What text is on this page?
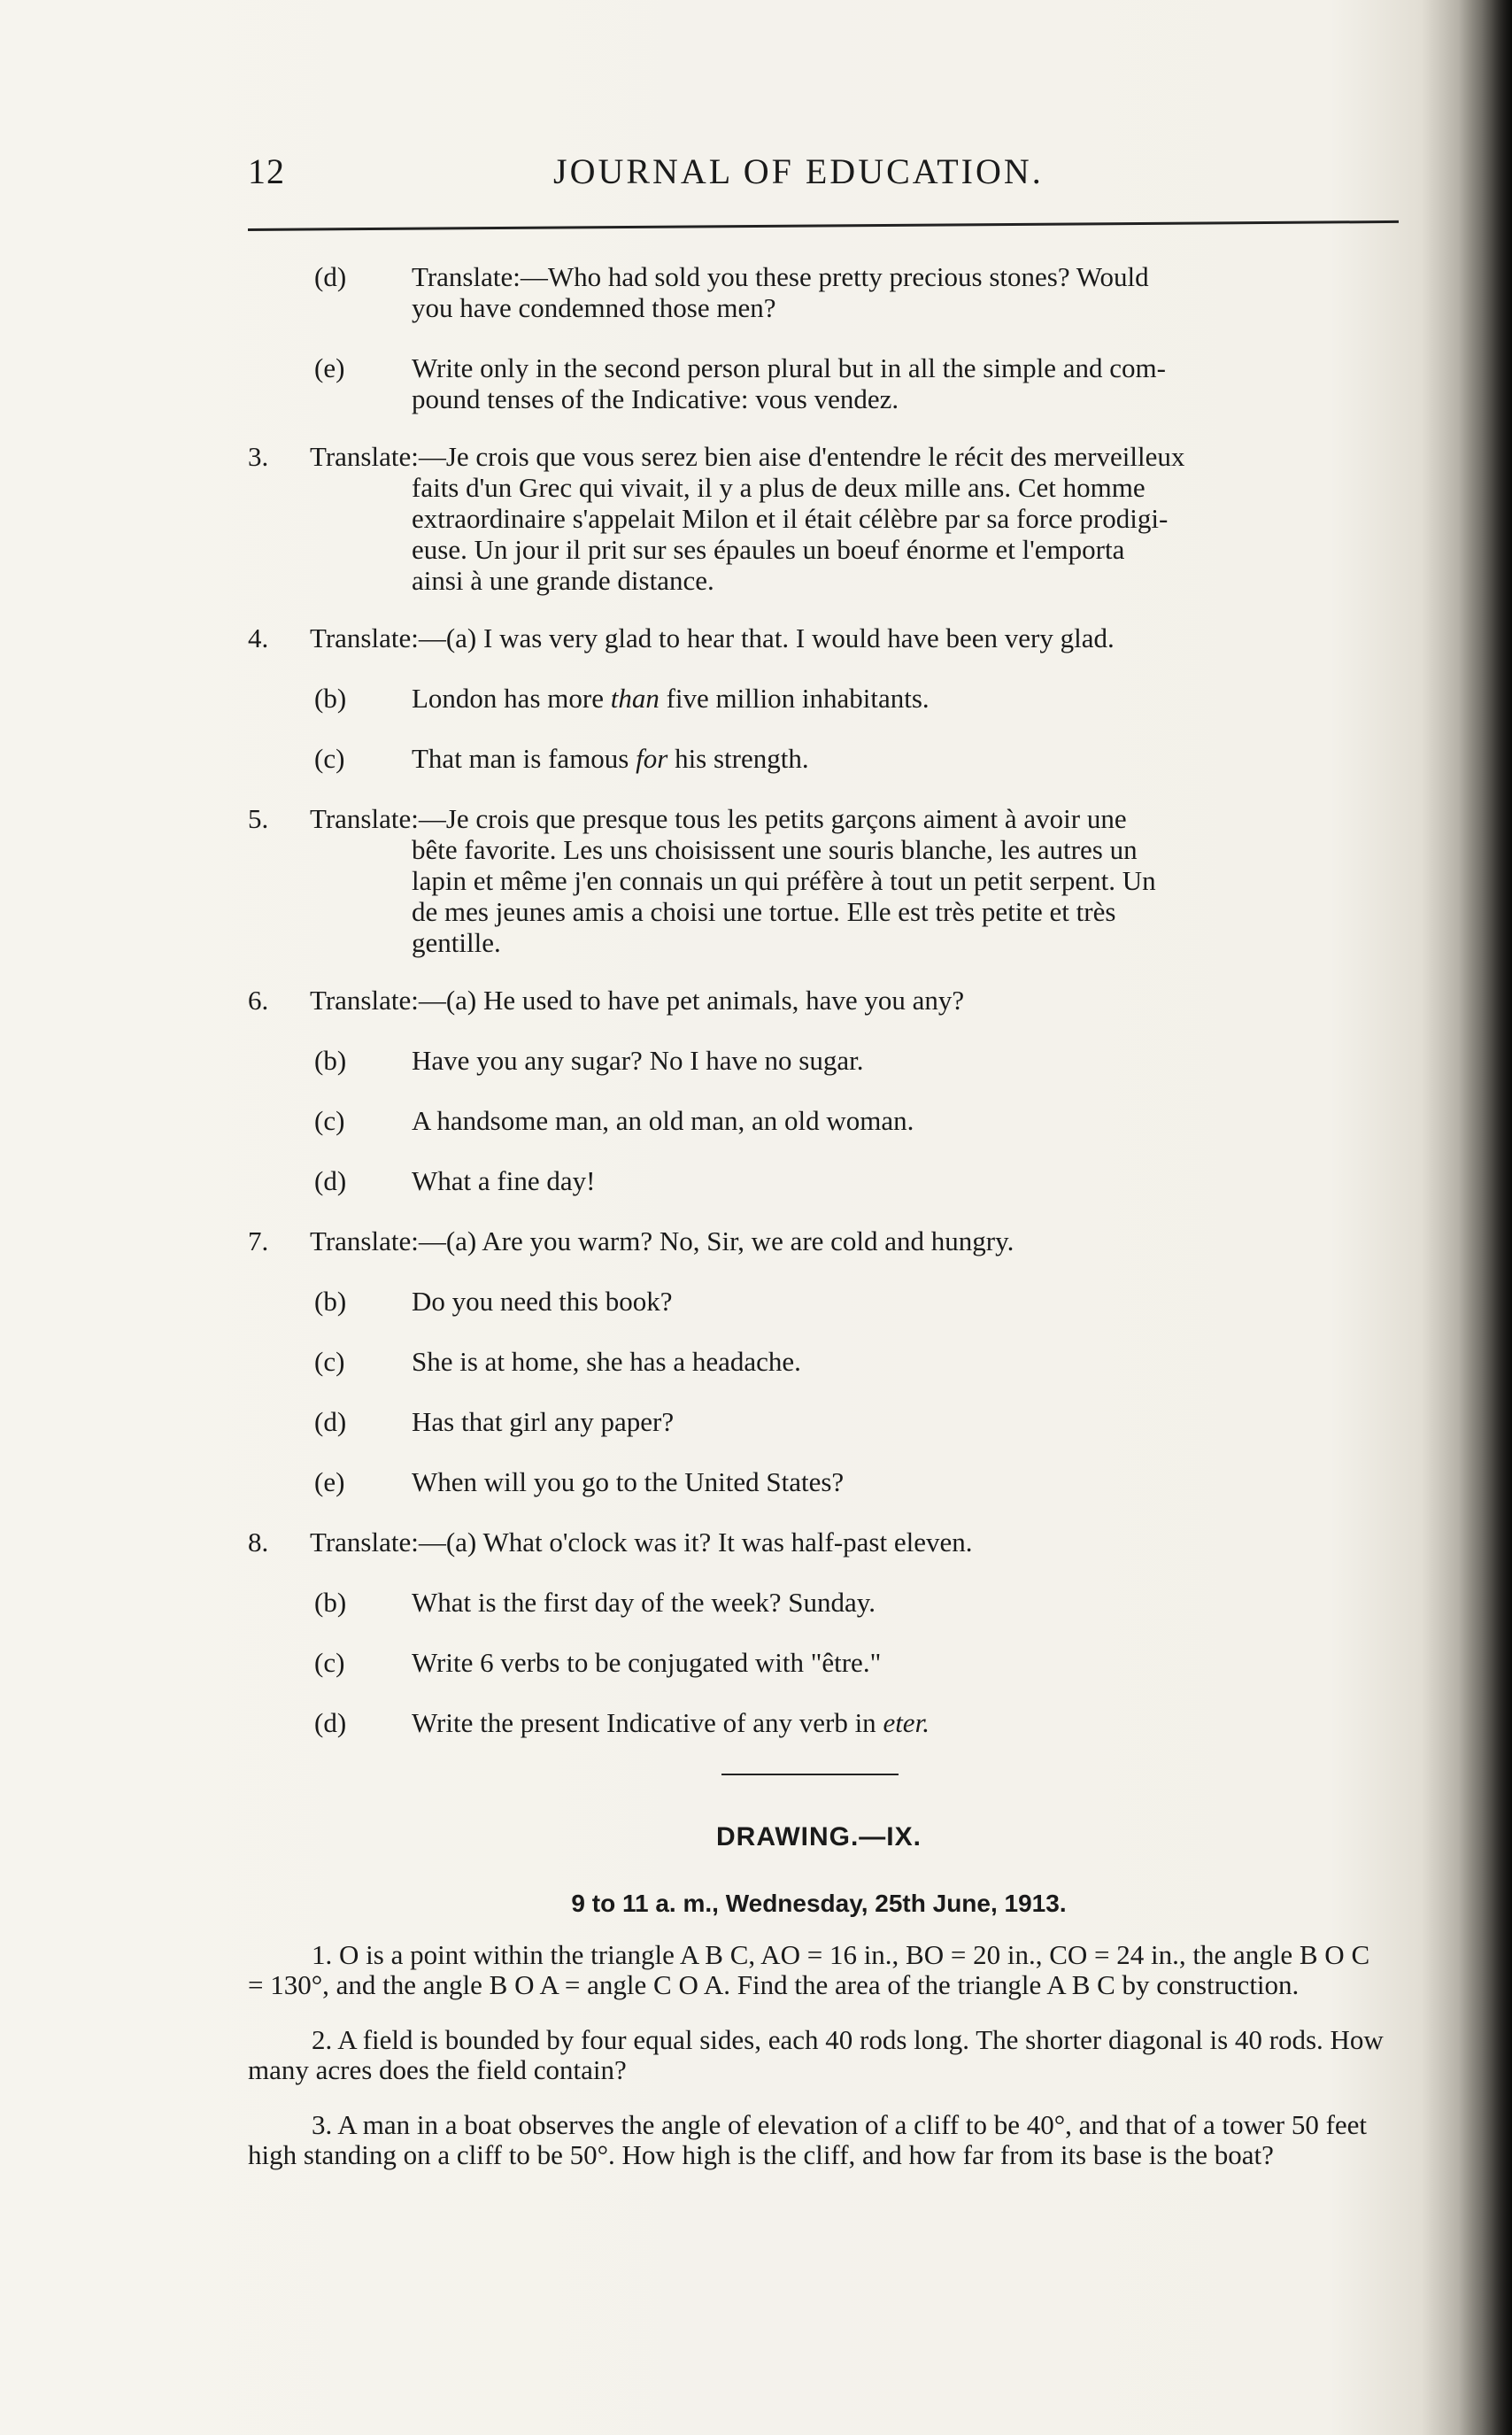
12	JOURNAL OF EDUCATION.
(d) Translate:—Who had sold you these pretty precious stones? Would
you have condemned those men?
(e) Write only in the second person plural but in all the simple and com-
pound tenses of the Indicative: vous vendez.
3. Translate:—Je crois que vous serez bien aise d'entendre le récit des merveilleux
faits d'un Grec qui vivait, il y a plus de deux mille ans. Cet homme
extraordinaire s'appelait Milon et il était célèbre par sa force prodigi-
euse. Un jour il prit sur ses épaules un boeuf énorme et l'emporta
ainsi à une grande distance.
4. Translate:—(a) I was very glad to hear that. I would have been very glad.
(b) London has more than five million inhabitants.
(c) That man is famous for his strength.
5. Translate:—Je crois que presque tous les petits garçons aiment à avoir une
bête favorite. Les uns choisissent une souris blanche, les autres un
lapin et même j'en connais un qui préfère à tout un petit serpent. Un
de mes jeunes amis a choisi une tortue. Elle est très petite et très
gentille.
6. Translate:—(a) He used to have pet animals, have you any?
(b) Have you any sugar? No I have no sugar.
(c) A handsome man, an old man, an old woman.
(d) What a fine day!
7. Translate:—(a) Are you warm? No, Sir, we are cold and hungry.
(b) Do you need this book?
(c) She is at home, she has a headache.
(d) Has that girl any paper?
(e) When will you go to the United States?
8. Translate:—(a) What o'clock was it? It was half-past eleven.
(b) What is the first day of the week? Sunday.
(c) Write 6 verbs to be conjugated with "être."
(d) Write the present Indicative of any verb in eter.
DRAWING.—IX.
9 to 11 a. m., Wednesday, 25th June, 1913.
1. O is a point within the triangle A B C, AO = 16 in., BO = 20 in., CO = 24 in., the angle B O C = 130°, and the angle B O A = angle C O A. Find the area of the triangle A B C by construction.
2. A field is bounded by four equal sides, each 40 rods long. The shorter diagonal is 40 rods. How many acres does the field contain?
3. A man in a boat observes the angle of elevation of a cliff to be 40°, and that of a tower 50 feet high standing on a cliff to be 50°. How high is the cliff, and how far from its base is the boat?
